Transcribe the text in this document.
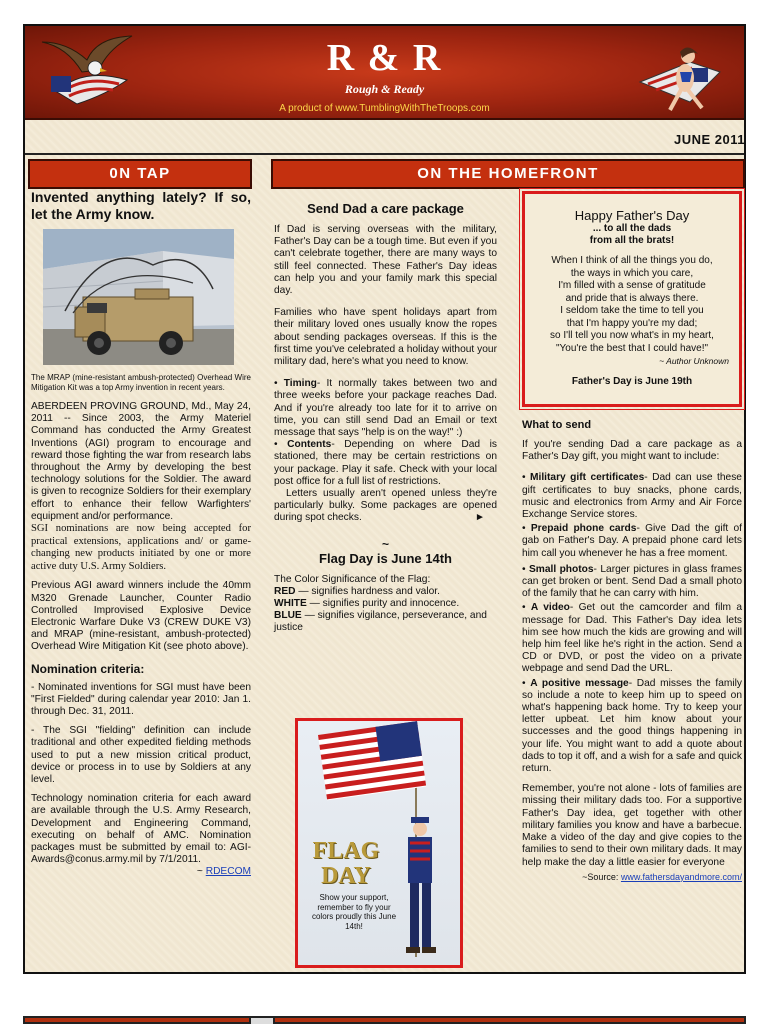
R & R
Rough & Ready
A product of www.TumblingWithTheTroops.com
JUNE 2011
0N TAP	ON THE HOMEFRONT
Invented anything lately? If so, let the Army know.
The MRAP (mine-resistant ambush-protected) Overhead Wire Mitigation Kit was a top Army invention in recent years.

ABERDEEN PROVING GROUND, Md., May 24, 2011 -- Since 2003, the Army Materiel Command has conducted the Army Greatest Inventions (AGI) program to encourage and reward those fighting the war from research labs throughout the Army by developing the best technology solutions for the Soldier. The award is given to recognize Soldiers for their exemplary effort to enhance their fellow Warfighters' equipment and/or performance.

SGI nominations are now being accepted for practical extensions, applications and/ or game-changing new products initiated by one or more active duty U.S. Army Soldiers.

Previous AGI award winners include the 40mm M320 Grenade Launcher, Counter Radio Controlled Improvised Explosive Device Electronic Warfare Duke V3 (CREW DUKE V3) and MRAP (mine-resistant, ambush-protected) Overhead Wire Mitigation Kit (see photo above).

Nomination criteria:

- Nominated inventions for SGI must have been "First Fielded" during calendar year 2010: Jan 1. through Dec. 31, 2011.

- The SGI "fielding" definition can include traditional and other expedited fielding methods used to put a new mission critical product, device or process in to use by Soldiers at any level.

Technology nomination criteria for each award are available through the U.S. Army Research, Development and Engineering Command, executing on behalf of AMC. Nomination packages must be submitted by email to: AGI-Awards@conus.army.mil by 7/1/2011.
~ RDECOM

Send Dad a care package

If Dad is serving overseas with the military, Father's Day can be a tough time. But even if you can't celebrate together, there are many ways to still feel connected. These Father's Day ideas can help you and your family mark this special day.

Families who have spent holidays apart from their military loved ones usually know the ropes about sending packages overseas. If this is the first time you've celebrated a holiday without your military dad, here's what you need to know.

• Timing- It normally takes between two and three weeks before your package reaches Dad. And if you're already too late for it to arrive on time, you can still send Dad an Email or text message that says "help is on the way!" :)

• Contents- Depending on where Dad is stationed, there may be certain restrictions on your package. Play it safe. Check with your local post office for a full list of restrictions.

Letters usually aren't opened unless they're particularly bulky. Some packages are opened during spot checks.	►

~
Flag Day is June 14th
The Color Significance of the Flag:
RED — signifies hardness and valor.
WHITE — signifies purity and innocence.
BLUE — signifies vigilance, perseverance, and justice
FLAG
DAY
Show your support, remember to fly your colors proudly this June 14th!
Happy Father's Day
... to all the dads
from all the brats!
When I think of all the things you do,
the ways in which you care,
I'm filled with a sense of gratitude
and pride that is always there.
I seldom take the time to tell you
that I'm happy you're my dad;
so I'll tell you now what's in my heart,
"You're the best that I could have!"
~ Author Unknown
Father's Day is June 19th
What to send

If you're sending Dad a care package as a Father's Day gift, you might want to include:

• Military gift certificates- Dad can use these gift certificates to buy snacks, phone cards, music and electronics from Army and Air Force Exchange Service stores.

• Prepaid phone cards- Give Dad the gift of gab on Father's Day. A prepaid phone card lets him call you whenever he has a free moment.

• Small photos- Larger pictures in glass frames can get broken or bent. Send Dad a small photo of the family that he can carry with him.

• A video- Get out the camcorder and film a message for Dad. This Father's Day idea lets him see how much the kids are growing and will help him feel like he's right in the action. Send a CD or DVD, or post the video on a private webpage and send Dad the URL.

• A positive message- Dad misses the family so include a note to keep him up to speed on what's happening back home. Try to keep your letter upbeat. Let him know about your successes and the good things happening in your life. You might want to add a quote about dads to top it off, and a wish for a safe and quick return.

Remember, you're not alone - lots of families are missing their military dads too. For a supportive Father's Day idea, get together with other military families you know and have a barbecue. Make a video of the day and give copies to the families to send to their own military dads. It may help make the day a little easier for everyone

~Source: www.fathersdayandmore.com/
